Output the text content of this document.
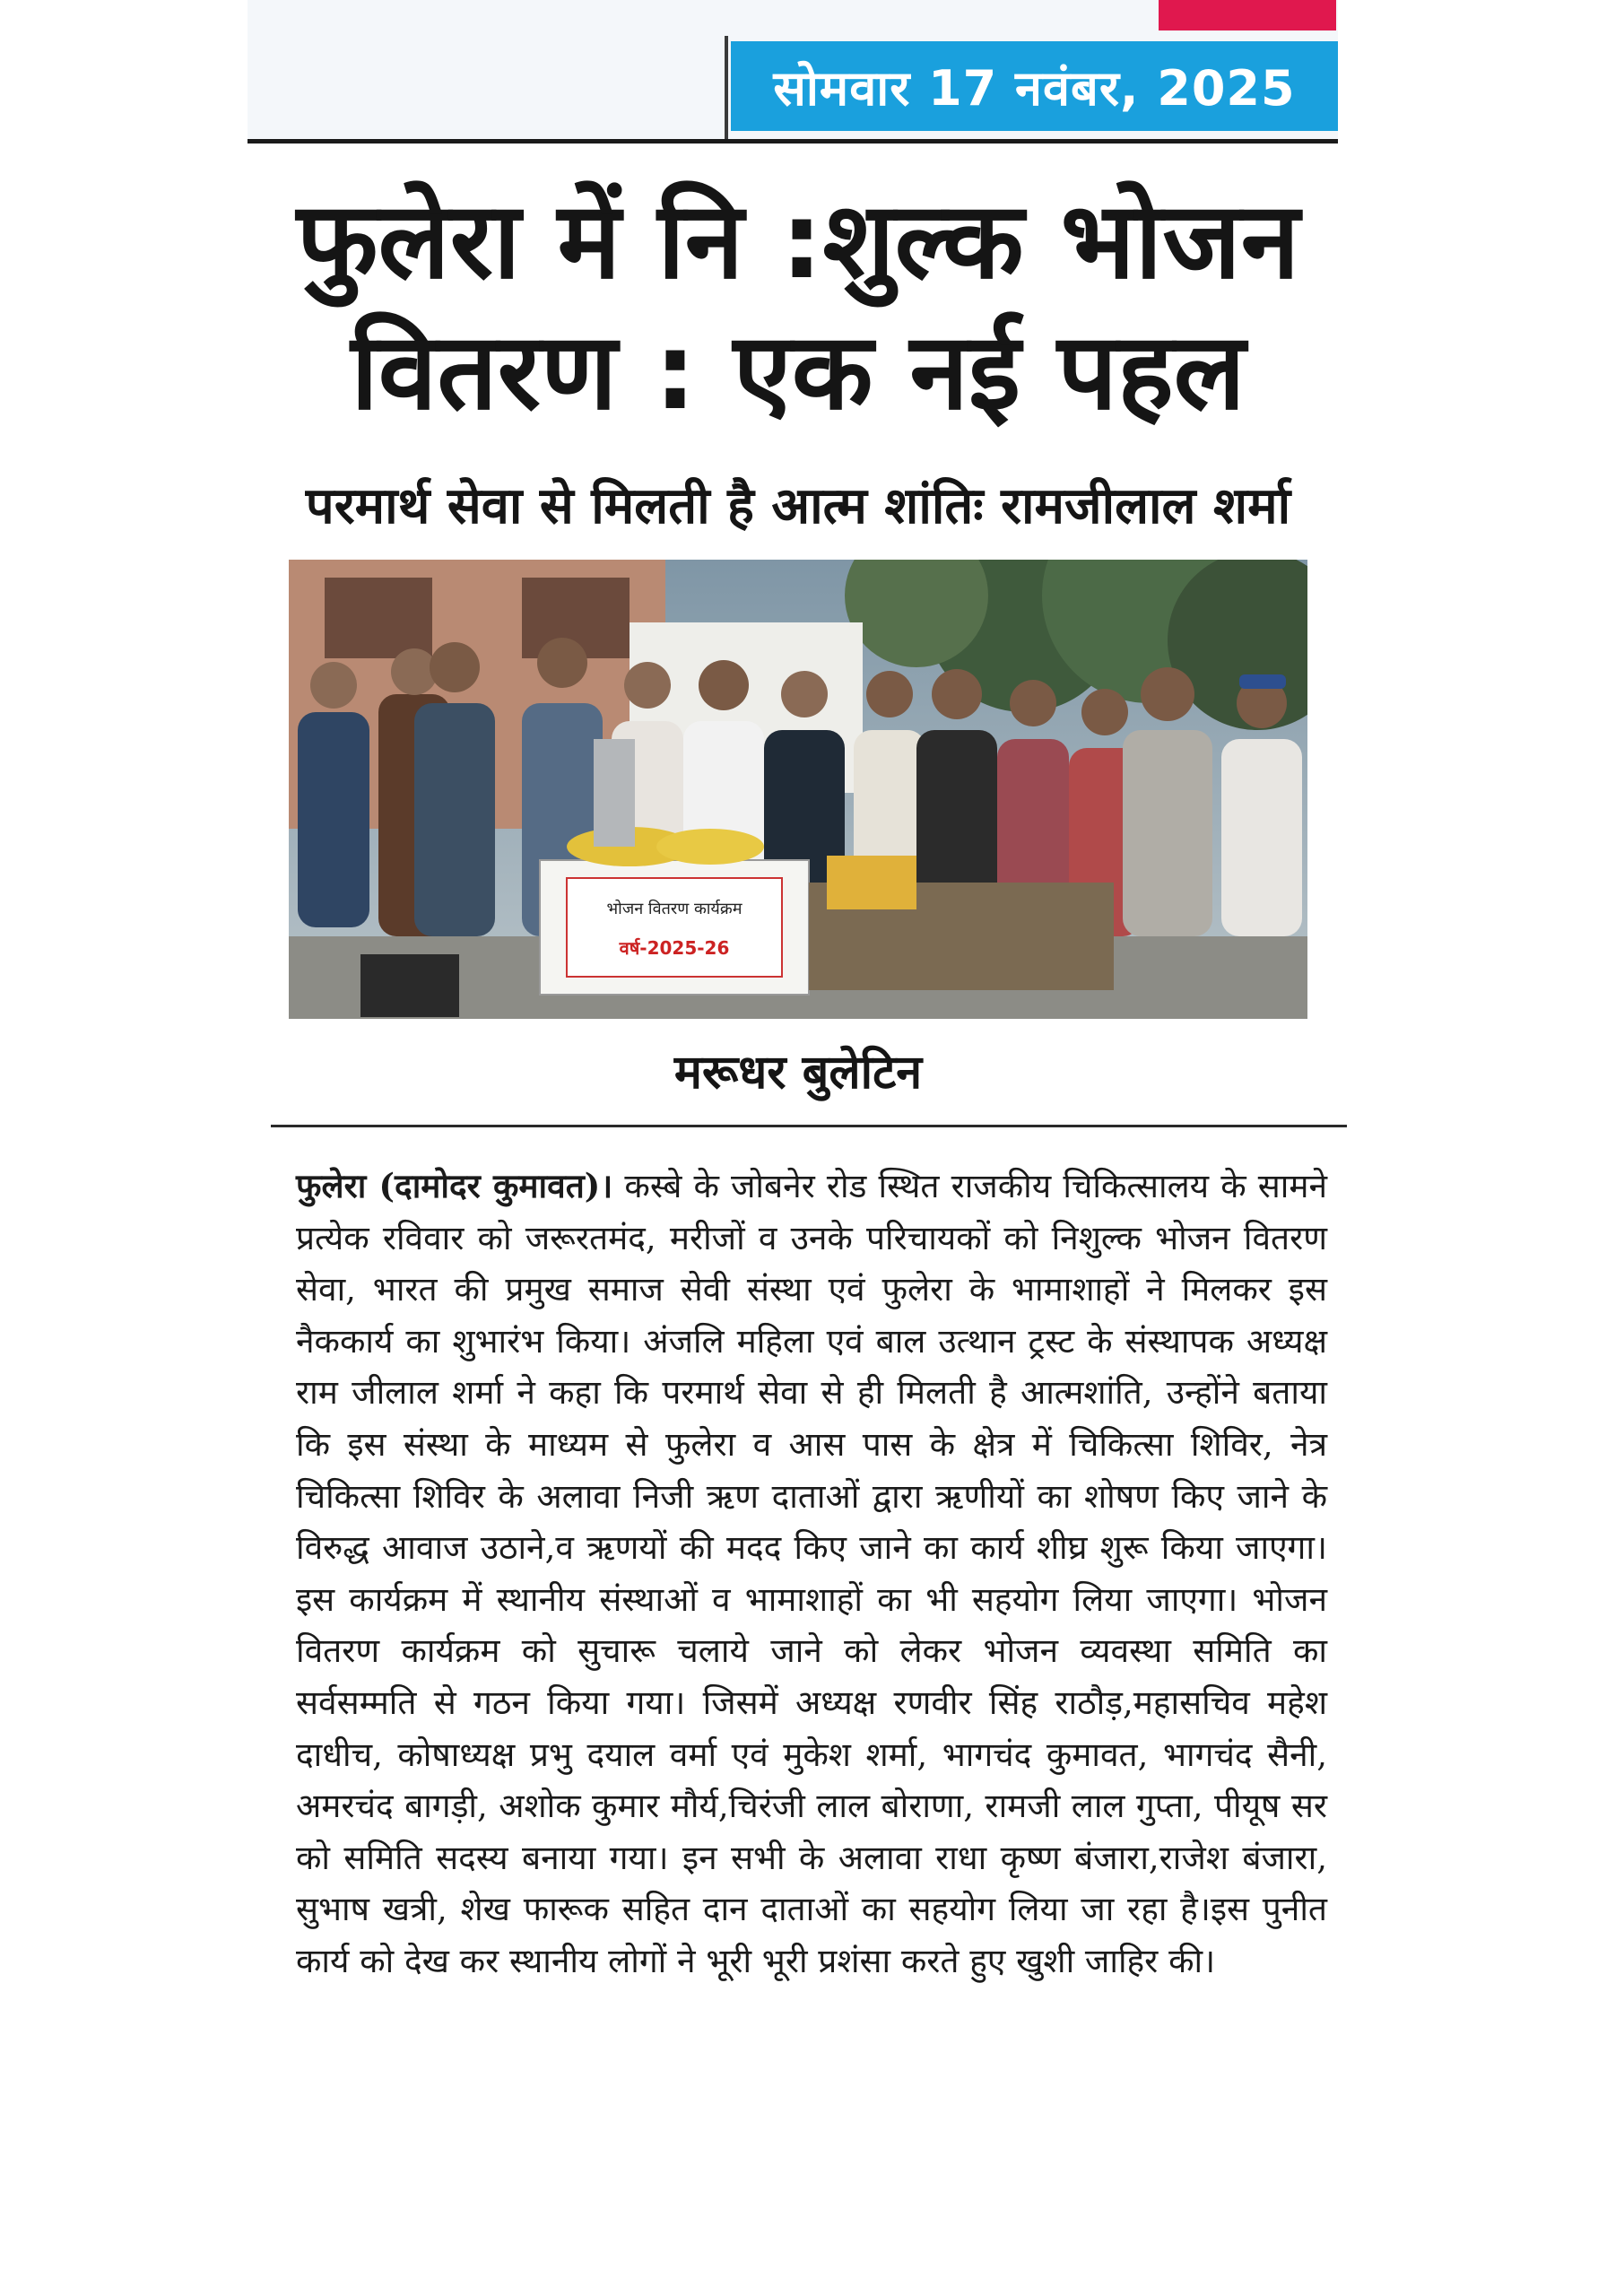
सोमवार 17 नवंबर, 2025
फुलेरा में नि :शुल्क भोजन
वितरण : एक नई पहल
परमार्थ सेवा से मिलती है आत्म शांतिः रामजीलाल शर्मा
भोजन वितरण कार्यक्रम
वर्ष-2025-26
मरूधर बुलेटिन
फुलेरा (दामोदर कुमावत)। कस्बे के जोबनेर रोड स्थित राजकीय चिकित्सालय के सामने प्रत्येक रविवार को जरूरतमंद, मरीजों व उनके परिचायकों को निशुल्क भोजन वितरण सेवा, भारत की प्रमुख समाज सेवी संस्था एवं फुलेरा के भामाशाहों ने मिलकर इस नैककार्य का शुभारंभ किया। अंजलि महिला एवं बाल उत्थान ट्रस्ट के संस्थापक अध्यक्ष राम जीलाल शर्मा ने कहा कि परमार्थ सेवा से ही मिलती है आत्मशांति, उन्होंने बताया कि इस संस्था के माध्यम से फुलेरा व आस पास के क्षेत्र में चिकित्सा शिविर, नेत्र चिकित्सा शिविर के अलावा निजी ऋण दाताओं द्वारा ऋणीयों का शोषण किए जाने के विरुद्ध आवाज उठाने,व ऋणयों की मदद किए जाने का कार्य शीघ्र शुरू किया जाएगा।इस कार्यक्रम में स्थानीय संस्थाओं व भामाशाहों का भी सहयोग लिया जाएगा। भोजन वितरण कार्यक्रम को सुचारू चलाये जाने को लेकर भोजन व्यवस्था समिति का सर्वसम्मति से गठन किया गया। जिसमें अध्यक्ष रणवीर सिंह राठौड़,महासचिव महेश दाधीच, कोषाध्यक्ष प्रभु दयाल वर्मा एवं मुकेश शर्मा, भागचंद कुमावत, भागचंद सैनी, अमरचंद बागड़ी, अशोक कुमार मौर्य,चिरंजी लाल बोराणा, रामजी लाल गुप्ता, पीयूष सर को समिति सदस्य बनाया गया। इन सभी के अलावा राधा कृष्ण बंजारा,राजेश बंजारा, सुभाष खत्री, शेख फारूक सहित दान दाताओं का सहयोग लिया जा रहा है।इस पुनीत कार्य को देख कर स्थानीय लोगों ने भूरी भूरी प्रशंसा करते हुए खुशी जाहिर की।
